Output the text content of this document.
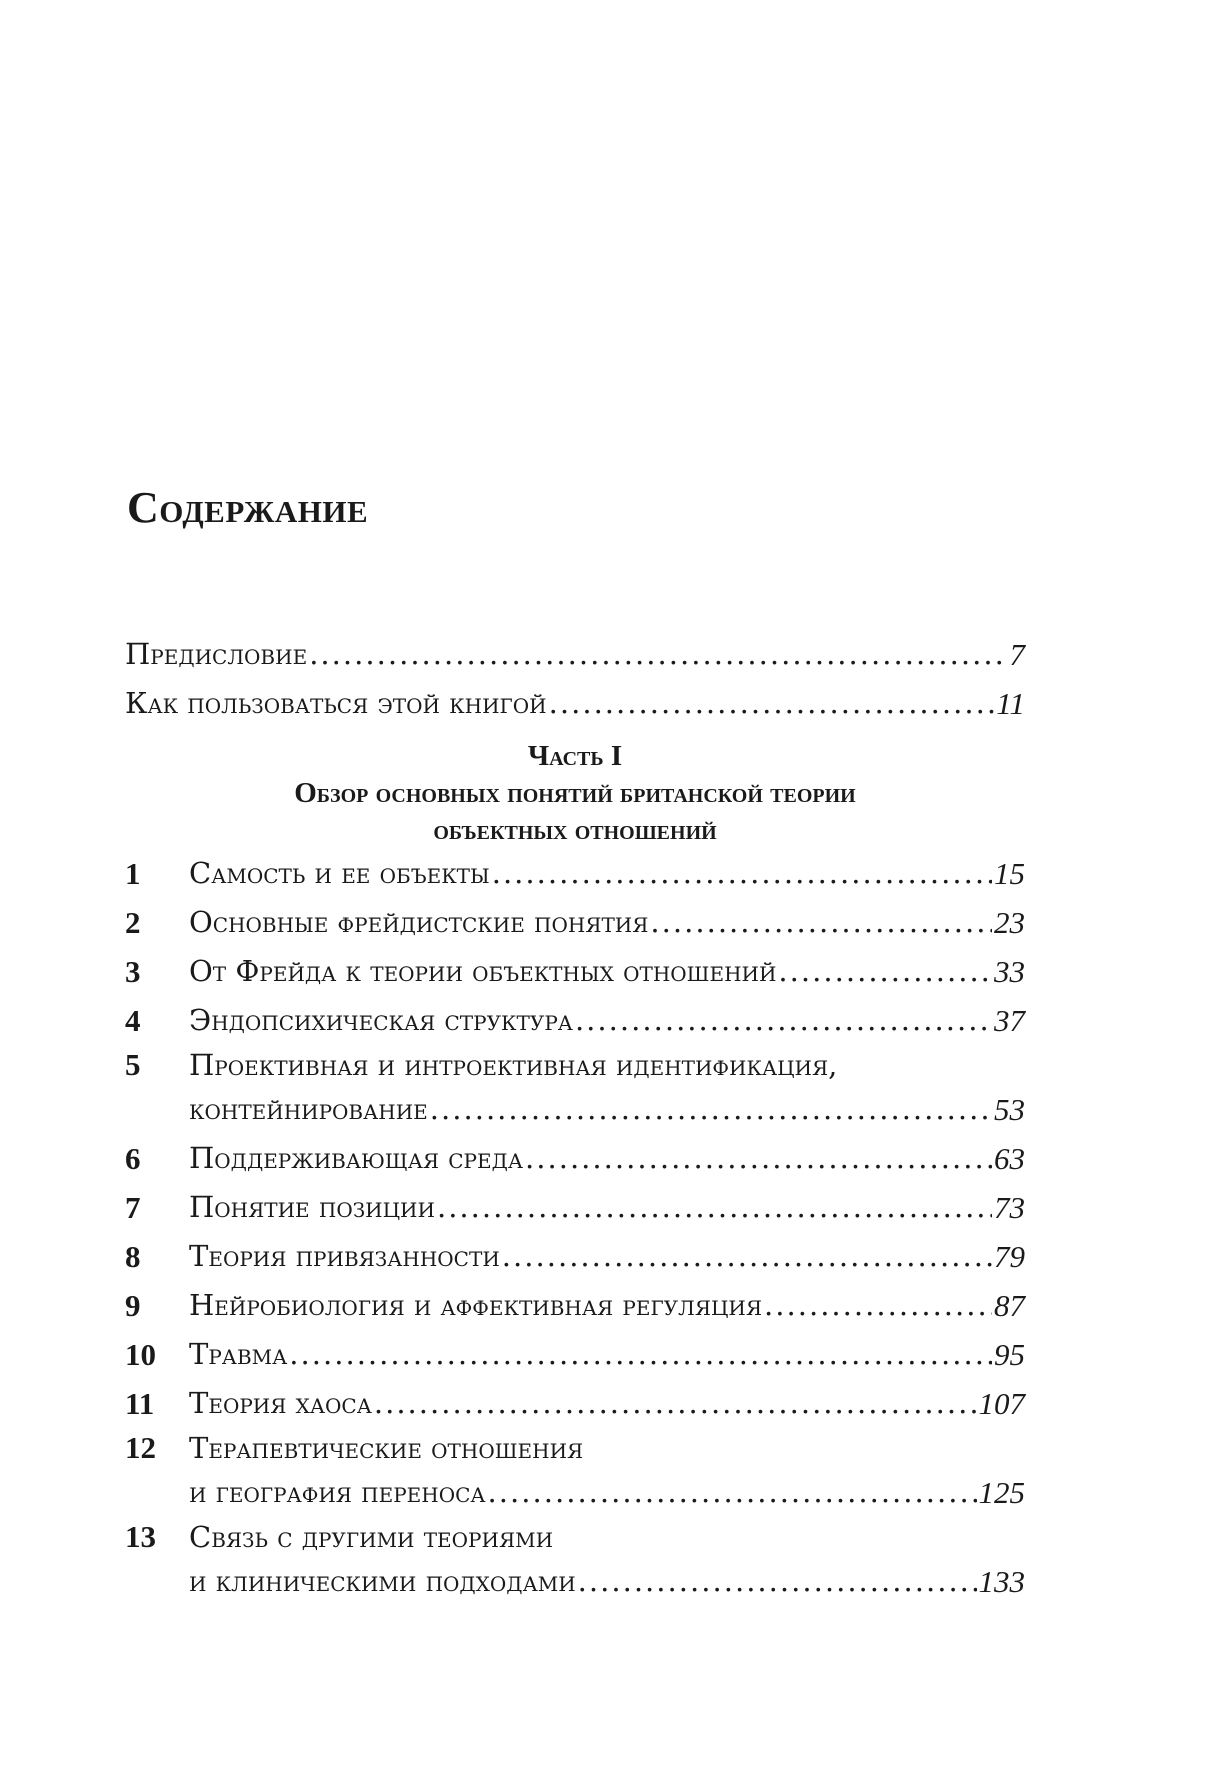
Содержание
Предисловие . . .	7
Как пользоваться этой книгой . . .	11
Часть I
Обзор основных понятий британской теории
объектных отношений
1	Самость и ее объекты . . .	15
2	Основные фрейдистские понятия . . .	23
3	От Фрейда к теории объектных отношений . . .	33
4	Эндопсихическая структура . . .	37
5	Проективная и интроективная идентификация,
контейнирование . . .	53
6	Поддерживающая среда . . .	63
7	Понятие позиции . . .	73
8	Теория привязанности . . .	79
9	Нейробиология и аффективная регуляция . . .	87
10	Травма . . .	95
11	Теория хаоса . . .	107
12	Терапевтические отношения
и география переноса . . .	125
13	Связь с другими теориями
и клиническими подходами . . .	133
